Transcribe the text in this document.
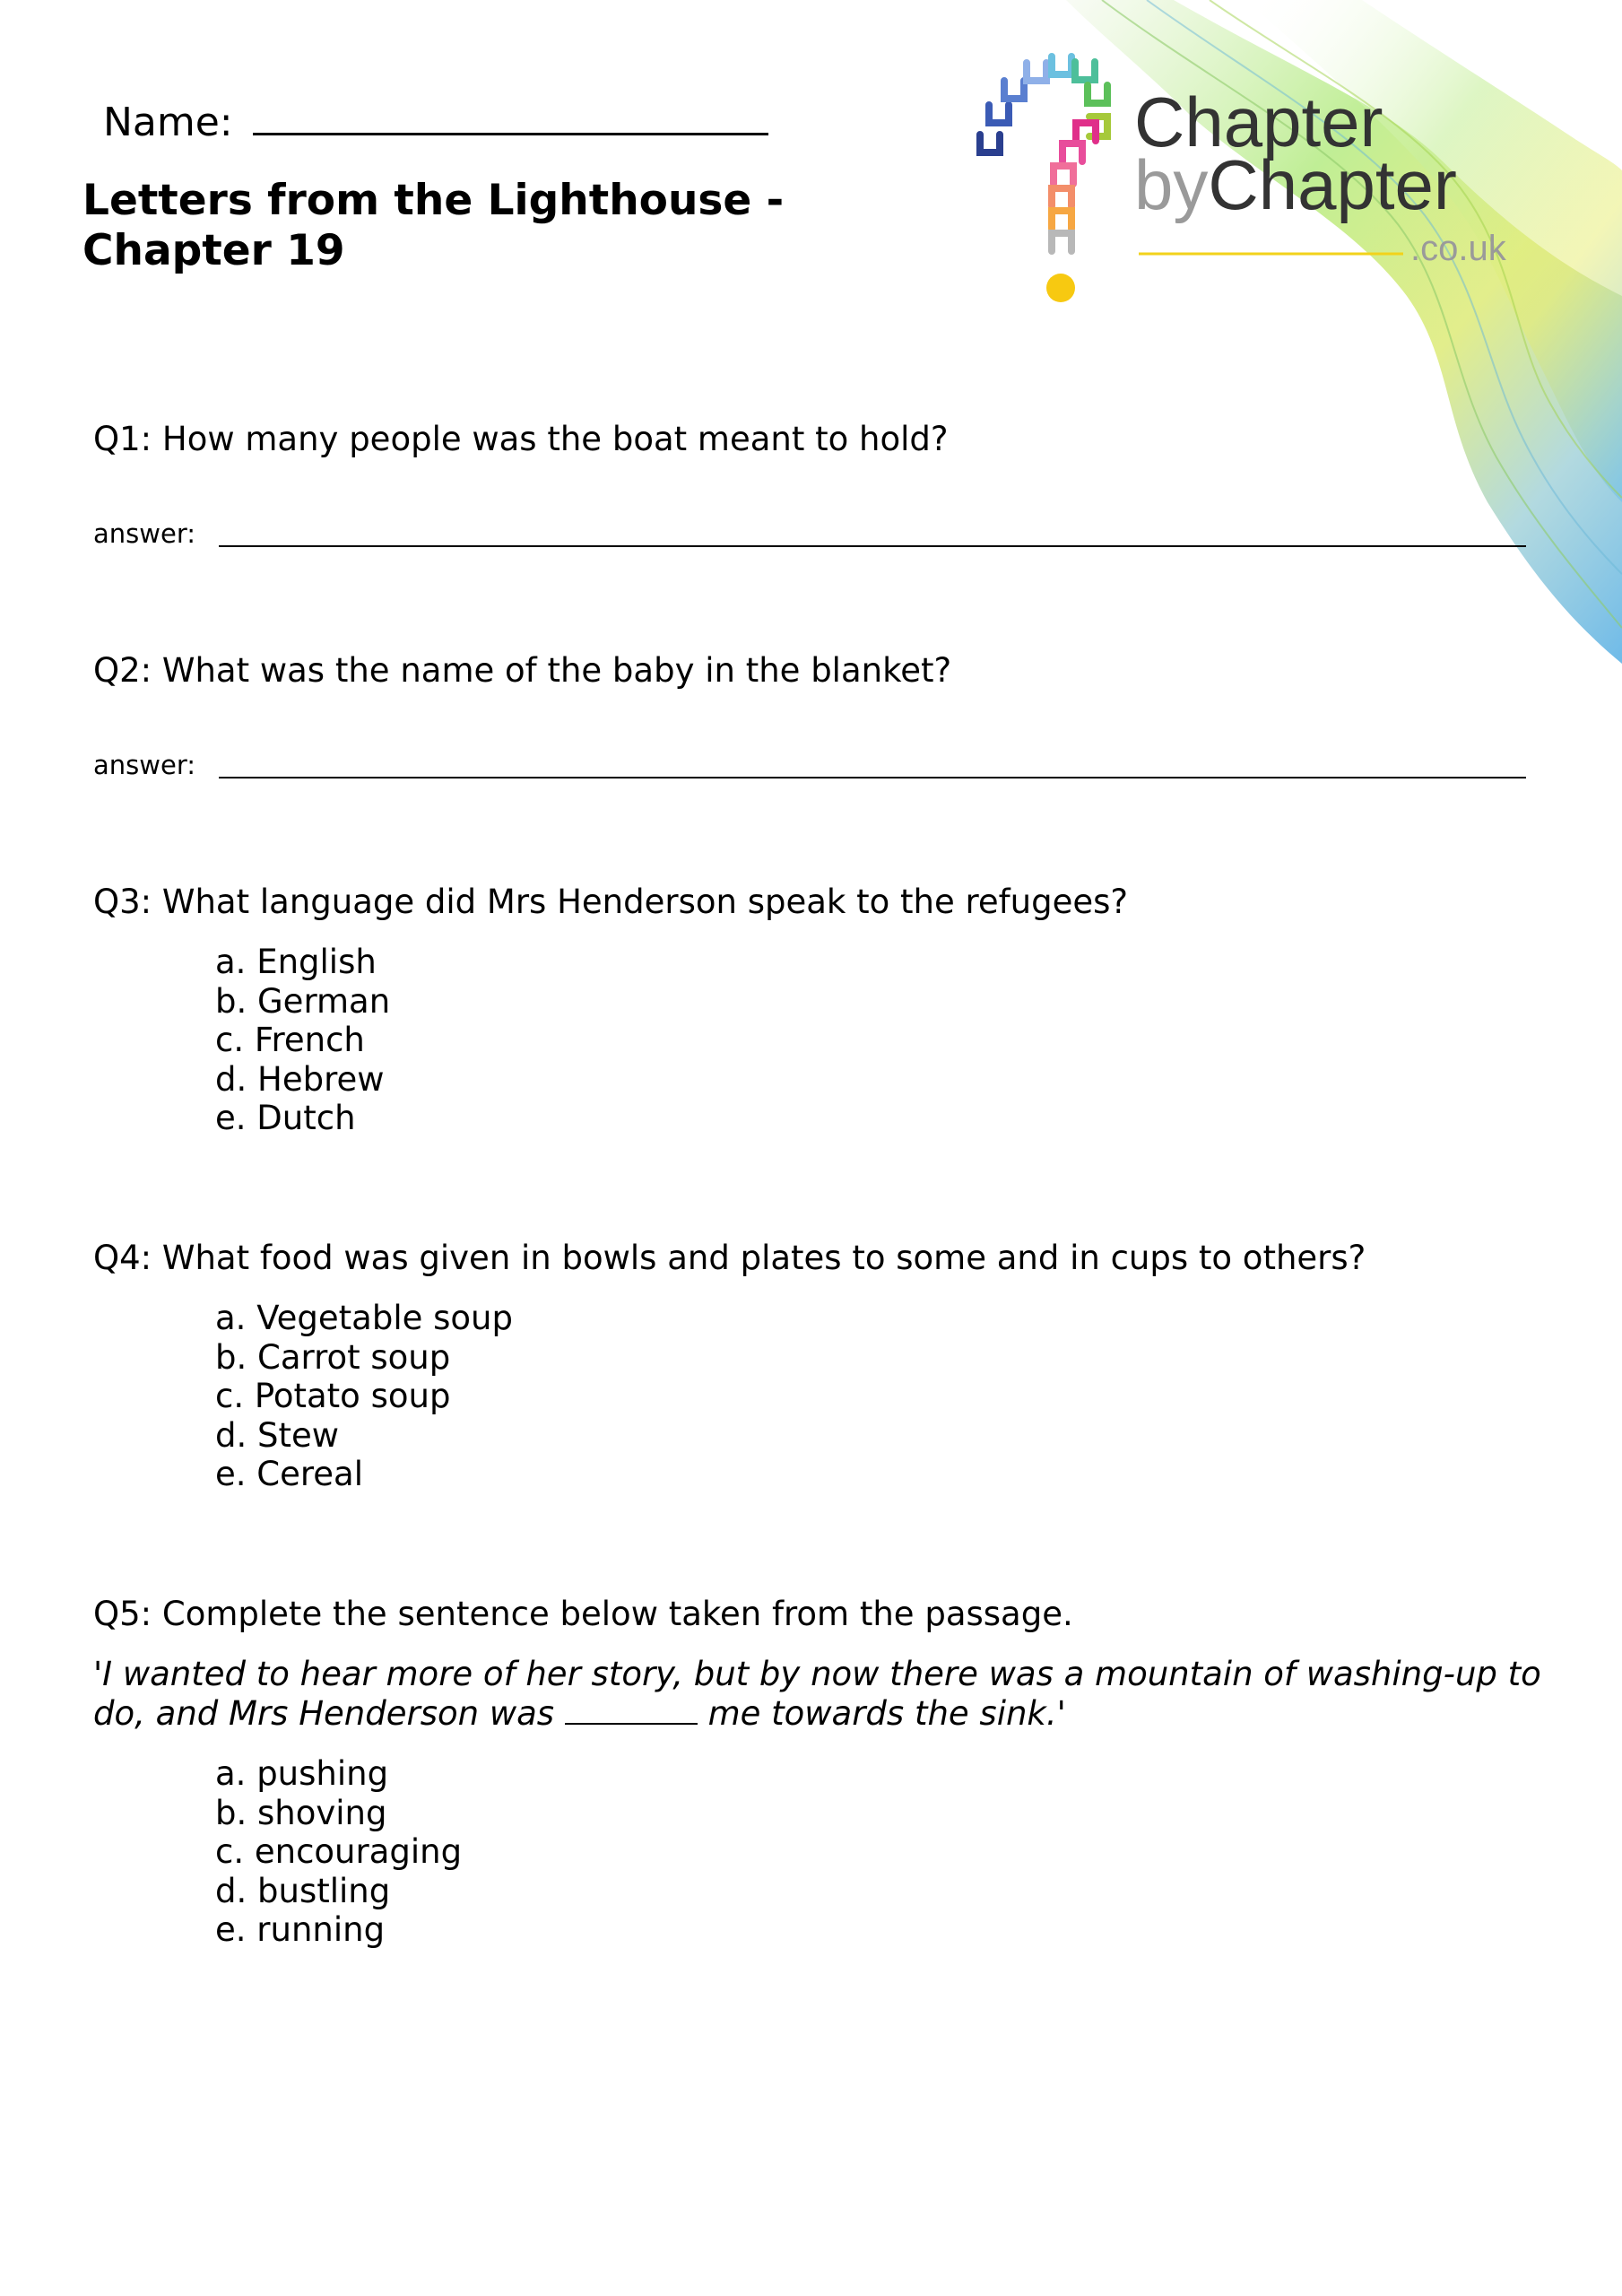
Chapter
byChapter
.co.uk
Name:
Letters from the Lighthouse - Chapter 19
Q1: How many people was the boat meant to hold?
answer:
Q2: What was the name of the baby in the blanket?
answer:
Q3: What language did Mrs Henderson speak to the refugees?
a. English
b. German
c. French
d. Hebrew
e. Dutch
Q4: What food was given in bowls and plates to some and in cups to others?
a. Vegetable soup
b. Carrot soup
c. Potato soup
d. Stew
e. Cereal
Q5: Complete the sentence below taken from the passage.
'I wanted to hear more of her story, but by now there was a mountain of washing-up to do, and Mrs Henderson was	me towards the sink.'
a. pushing
b. shoving
c. encouraging
d. bustling
e. running
